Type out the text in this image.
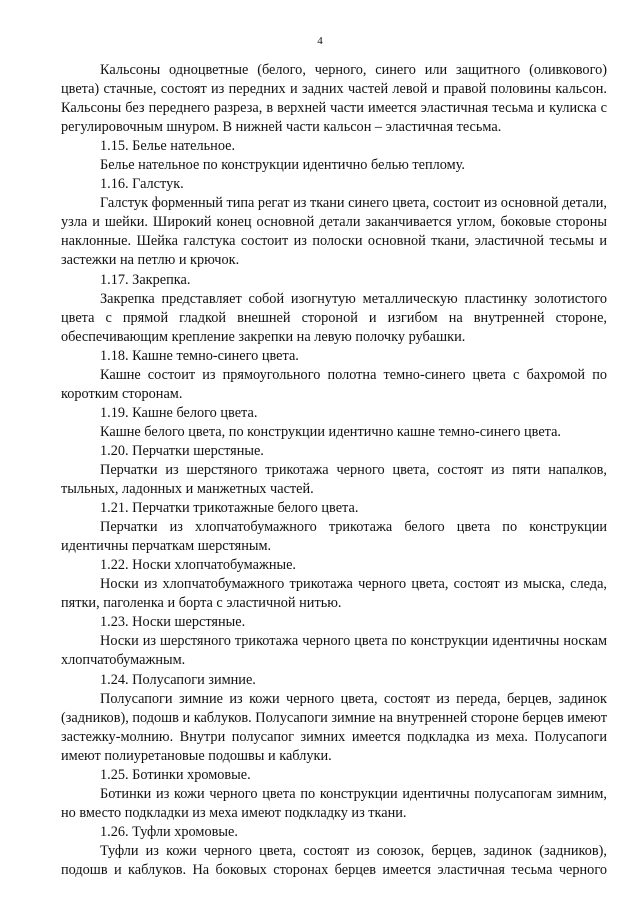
4

Кальсоны одноцветные (белого, черного, синего или защитного (оливкового) цвета) стачные, состоят из передних и задних частей левой и правой половины кальсон. Кальсоны без переднего разреза, в верхней части имеется эластичная тесьма и кулиска с регулировочным шнуром. В нижней части кальсон – эластичная тесьма.

1.15. Белье нательное.

Белье нательное по конструкции идентично белью теплому.

1.16. Галстук.

Галстук форменный типа регат из ткани синего цвета, состоит из основной детали, узла и шейки. Широкий конец основной детали заканчивается углом, боковые стороны наклонные. Шейка галстука состоит из полоски основной ткани, эластичной тесьмы и застежки на петлю и крючок.

1.17. Закрепка.

Закрепка представляет собой изогнутую металлическую пластинку золотистого цвета с прямой гладкой внешней стороной и изгибом на внутренней стороне, обеспечивающим крепление закрепки на левую полочку рубашки.

1.18. Кашне темно-синего цвета.

Кашне состоит из прямоугольного полотна темно-синего цвета с бахромой по коротким сторонам.

1.19. Кашне белого цвета.

Кашне белого цвета, по конструкции идентично кашне темно-синего цвета.

1.20. Перчатки шерстяные.

Перчатки из шерстяного трикотажа черного цвета, состоят из пяти напалков, тыльных, ладонных и манжетных частей.

1.21. Перчатки трикотажные белого цвета.

Перчатки из хлопчатобумажного трикотажа белого цвета по конструкции идентичны перчаткам шерстяным.

1.22. Носки хлопчатобумажные.

Носки из хлопчатобумажного трикотажа черного цвета, состоят из мыска, следа, пятки, паголенка и борта с эластичной нитью.

1.23. Носки шерстяные.

Носки из шерстяного трикотажа черного цвета по конструкции идентичны носкам хлопчатобумажным.

1.24. Полусапоги зимние.

Полусапоги зимние из кожи черного цвета, состоят из переда, берцев, задинок (задников), подошв и каблуков. Полусапоги зимние на внутренней стороне берцев имеют застежку-молнию. Внутри полусапог зимних имеется подкладка из меха. Полусапоги имеют полиуретановые подошвы и каблуки.

1.25. Ботинки хромовые.

Ботинки из кожи черного цвета по конструкции идентичны полусапогам зимним, но вместо подкладки из меха имеют подкладку из ткани.

1.26. Туфли хромовые.

Туфли из кожи черного цвета, состоят из союзок, берцев, задинок (задников), подошв и каблуков. На боковых сторонах берцев имеется эластичная тесьма черного
